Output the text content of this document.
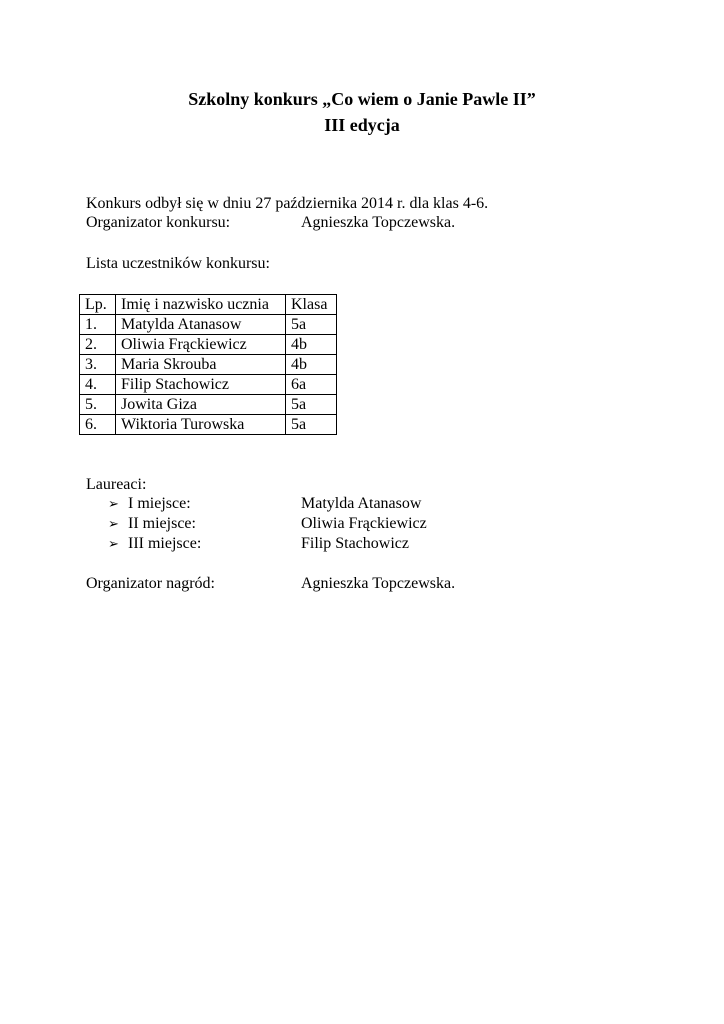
Szkolny konkurs „Co wiem o Janie Pawle II”
III edycja
Konkurs odbył się w dniu 27 października 2014 r. dla klas 4-6.
Organizator konkursu:	Agnieszka Topczewska.
Lista uczestników konkursu:
Lp.	Imię i nazwisko ucznia	Klasa
1.	Matylda Atanasow	5a
2.	Oliwia Frąckiewicz	4b
3.	Maria Skrouba	4b
4.	Filip Stachowicz	6a
5.	Jowita Giza	5a
6.	Wiktoria Turowska	5a
Laureaci:
➢ I miejsce:	Matylda Atanasow
➢ II miejsce:	Oliwia Frąckiewicz
➢ III miejsce:	Filip Stachowicz
Organizator nagród:	Agnieszka Topczewska.
